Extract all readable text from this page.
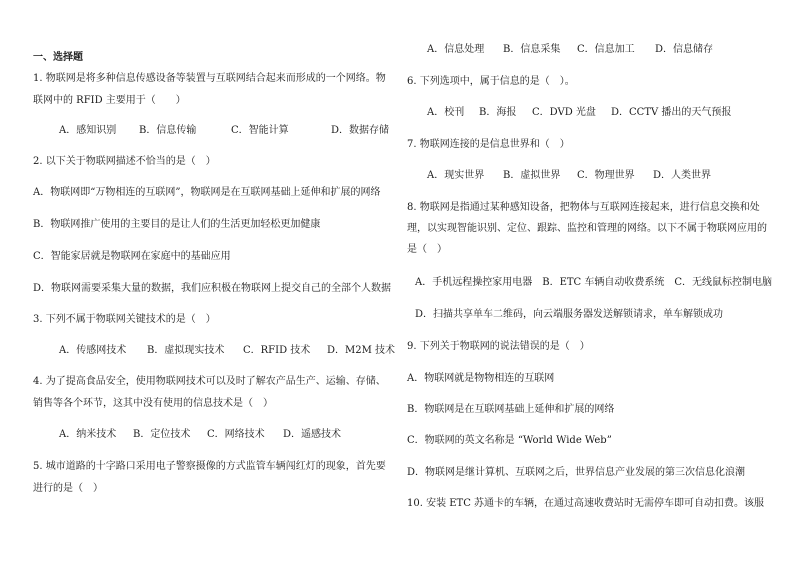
一、选择题
1. 物联网是将多种信息传感设备等装置与互联网结合起来而形成的一个网络。物
联网中的 RFID 主要用于（　　）
A．感知识别 B．信息传输	C．智能计算	D．数据存储
2. 以下关于物联网描述不恰当的是（　）
A．物联网即“万物相连的互联网”，物联网是在互联网基础上延伸和扩展的网络
B．物联网推广使用的主要目的是让人们的生活更加轻松更加健康
C．智能家居就是物联网在家庭中的基础应用
D．物联网需要采集大量的数据，我们应积极在物联网上提交自己的全部个人数据
3. 下列不属于物联网关键技术的是（　）
A．传感网技术 B．虚拟现实技术 C．RFID 技术 D．M2M 技术
4. 为了提高食品安全，使用物联网技术可以及时了解农产品生产、运输、存储、
销售等各个环节，这其中没有使用的信息技术是（　）
A．纳米技术 B．定位技术 C．网络技术 D．遥感技术
5. 城市道路的十字路口采用电子警察摄像的方式监管车辆闯红灯的现象，首先要
进行的是（　）
A．信息处理 B．信息采集 C．信息加工 D．信息储存
6. 下列选项中，属于信息的是（　）。
A．校刊 B．海报 C．DVD 光盘 D．CCTV 播出的天气预报
7. 物联网连接的是信息世界和（　）
A．现实世界 B．虚拟世界 C．物理世界 D．人类世界
8. 物联网是指通过某种感知设备，把物体与互联网连接起来，进行信息交换和处
理，以实现智能识别、定位、跟踪、监控和管理的网络。以下不属于物联网应用的
是（　）
A．手机远程操控家用电器　B．ETC 车辆自动收费系统　C．无线鼠标控制电脑
D．扫描共享单车二维码，向云端服务器发送解锁请求，单车解锁成功
9. 下列关于物联网的说法错误的是（　）
A．物联网就是物物相连的互联网
B．物联网是在互联网基础上延伸和扩展的网络
C．物联网的英文名称是 “World Wide Web”
D．物联网是继计算机、互联网之后，世界信息产业发展的第三次信息化浪潮
10. 安装 ETC 苏通卡的车辆，在通过高速收费站时无需停车即可自动扣费。该服
